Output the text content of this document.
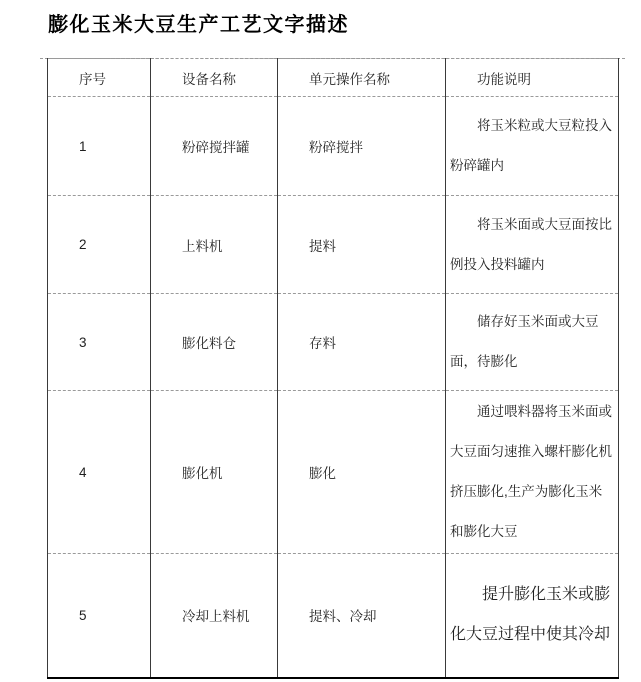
膨化玉米大豆生产工艺文字描述
序号	设备名称	单元操作名称	功能说明
1	粉碎搅拌罐	粉碎搅拌	将玉米粒或大豆粒投入粉碎罐内
2	上料机	提料	将玉米面或大豆面按比例投入投料罐内
3	膨化料仓	存料	储存好玉米面或大豆面，待膨化
4	膨化机	膨化	通过喂料器将玉米面或大豆面匀速推入螺杆膨化机挤压膨化,生产为膨化玉米和膨化大豆
5	冷却上料机	提料、冷却	提升膨化玉米或膨化大豆过程中使其冷却
